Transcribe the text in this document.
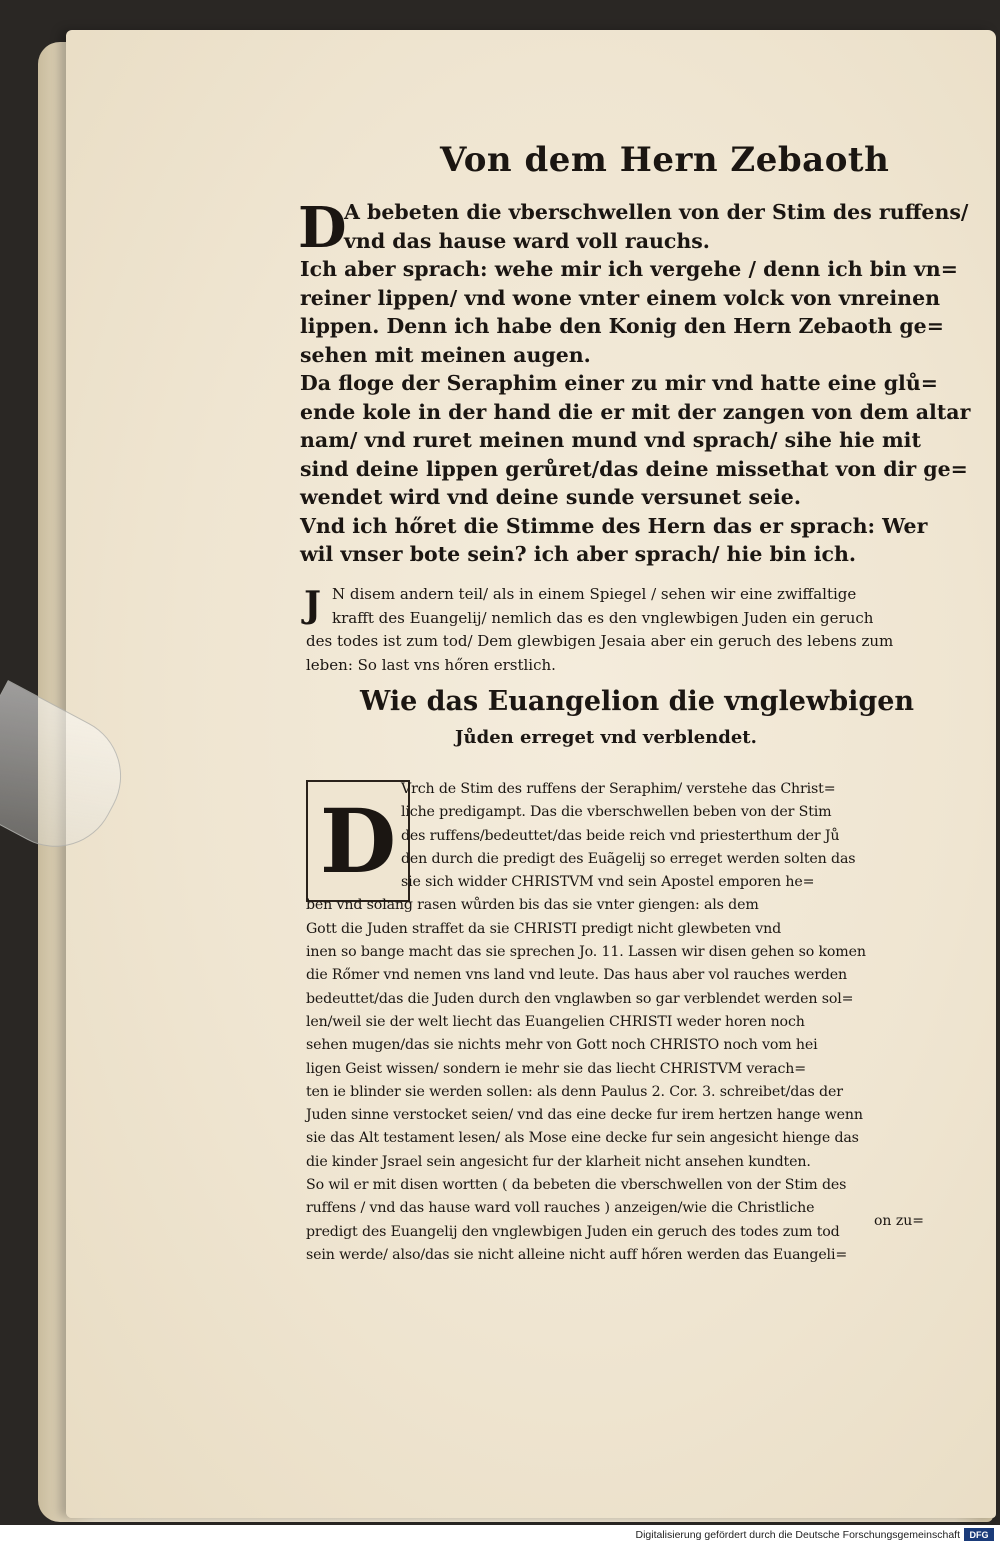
Von dem Hern Zebaoth
D
A bebeten die vberschwellen von der Stim des ruffens/
vnd das hause ward voll rauchs.
Ich aber sprach: wehe mir ich vergehe / denn ich bin vn=
reiner lippen/ vnd wone vnter einem volck von vnreinen
lippen. Denn ich habe den Konig den Hern Zebaoth ge=
sehen mit meinen augen.
Da floge der Seraphim einer zu mir vnd hatte eine glů=
ende kole in der hand die er mit der zangen von dem altar
nam/ vnd ruret meinen mund vnd sprach/ sihe hie mit
sind deine lippen gerůret/das deine missethat von dir ge=
wendet wird vnd deine sunde versunet seie.
Vnd ich hőret die Stimme des Hern das er sprach: Wer
wil vnser bote sein? ich aber sprach/ hie bin ich.
J N disem andern teil/ als in einem Spiegel / sehen wir eine zwiffaltige
krafft des Euangelij/ nemlich das es den vnglewbigen Juden ein geruch
des todes ist zum tod/ Dem glewbigen Jesaia aber ein geruch des lebens zum
leben: So last vns hőren erstlich.
Wie das Euangelion die vnglewbigen
Jůden erreget vnd verblendet.
D Vrch de Stim des ruffens der Seraphim/ verstehe das Christ=
liche predigampt. Das die vberschwellen beben von der Stim
des ruffens/bedeuttet/das beide reich vnd priesterthum der Jů
den durch die predigt des Euãgelij so erreget werden solten das
sie sich widder CHRISTVM vnd sein Apostel emporen he=
ben vnd solang rasen wůrden bis das sie vnter giengen: als dem
Gott die Juden straffet da sie CHRISTI predigt nicht glewbeten vnd
inen so bange macht das sie sprechen Jo. 11. Lassen wir disen gehen so komen
die Rőmer vnd nemen vns land vnd leute. Das haus aber vol rauches werden
bedeuttet/das die Juden durch den vnglawben so gar verblendet werden sol=
len/weil sie der welt liecht das Euangelien CHRISTI weder horen noch
sehen mugen/das sie nichts mehr von Gott noch CHRISTO noch vom hei
ligen Geist wissen/ sondern ie mehr sie das liecht CHRISTVM verach=
ten ie blinder sie werden sollen: als denn Paulus 2. Cor. 3. schreibet/das der
Juden sinne verstocket seien/ vnd das eine decke fur irem hertzen hange wenn
sie das Alt testament lesen/ als Mose eine decke fur sein angesicht hienge das
die kinder Jsrael sein angesicht fur der klarheit nicht ansehen kundten.
So wil er mit disen wortten ( da bebeten die vberschwellen von der Stim des
ruffens / vnd das hause ward voll rauches ) anzeigen/wie die Christliche
predigt des Euangelij den vnglewbigen Juden ein geruch des todes zum tod
sein werde/ also/das sie nicht alleine nicht auff hőren werden das Euangeli=
on zu=
Digitalisierung gefördert durch die Deutsche Forschungsgemeinschaft	DFG
